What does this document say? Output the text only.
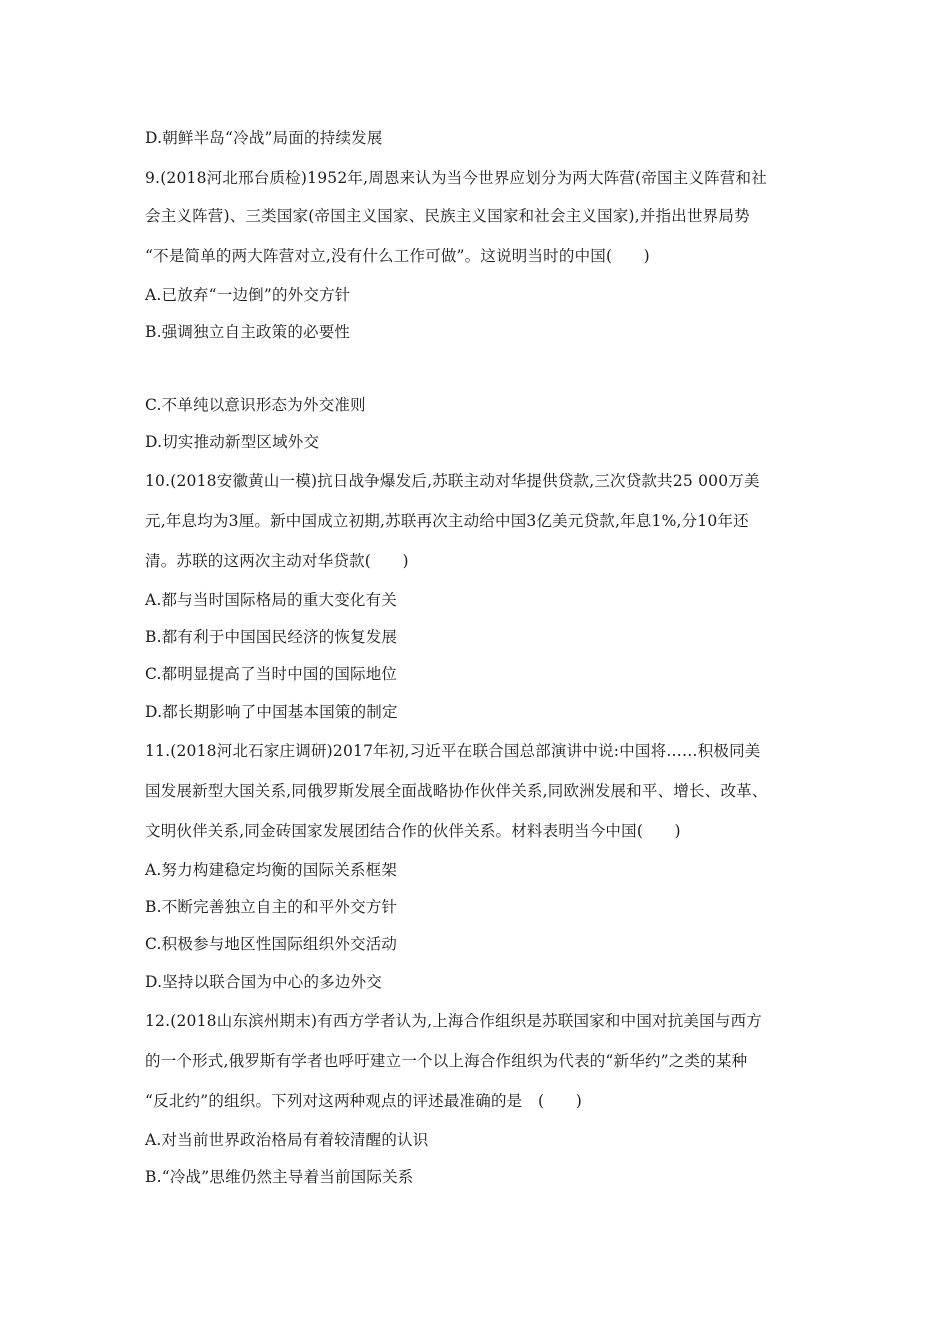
D.朝鲜半岛“冷战”局面的持续发展

9.(2018河北邢台质检)1952年,周恩来认为当今世界应划分为两大阵营(帝国主义阵营和社

会主义阵营)、三类国家(帝国主义国家、民族主义国家和社会主义国家),并指出世界局势

“不是简单的两大阵营对立,没有什么工作可做”。这说明当时的中国(　　)

A.已放弃“一边倒”的外交方针

B.强调独立自主政策的必要性

C.不单纯以意识形态为外交准则

D.切实推动新型区域外交

10.(2018安徽黄山一模)抗日战争爆发后,苏联主动对华提供贷款,三次贷款共25 000万美

元,年息均为3厘。新中国成立初期,苏联再次主动给中国3亿美元贷款,年息1%,分10年还

清。苏联的这两次主动对华贷款(　　)

A.都与当时国际格局的重大变化有关

B.都有利于中国国民经济的恢复发展

C.都明显提高了当时中国的国际地位

D.都长期影响了中国基本国策的制定

11.(2018河北石家庄调研)2017年初,习近平在联合国总部演讲中说:中国将……积极同美

国发展新型大国关系,同俄罗斯发展全面战略协作伙伴关系,同欧洲发展和平、增长、改革、

文明伙伴关系,同金砖国家发展团结合作的伙伴关系。材料表明当今中国(　　)

A.努力构建稳定均衡的国际关系框架

B.不断完善独立自主的和平外交方针

C.积极参与地区性国际组织外交活动

D.坚持以联合国为中心的多边外交

12.(2018山东滨州期末)有西方学者认为,上海合作组织是苏联国家和中国对抗美国与西方

的一个形式,俄罗斯有学者也呼吁建立一个以上海合作组织为代表的“新华约”之类的某种

“反北约”的组织。下列对这两种观点的评述最准确的是　(　　)

A.对当前世界政治格局有着较清醒的认识

B.“冷战”思维仍然主导着当前国际关系
